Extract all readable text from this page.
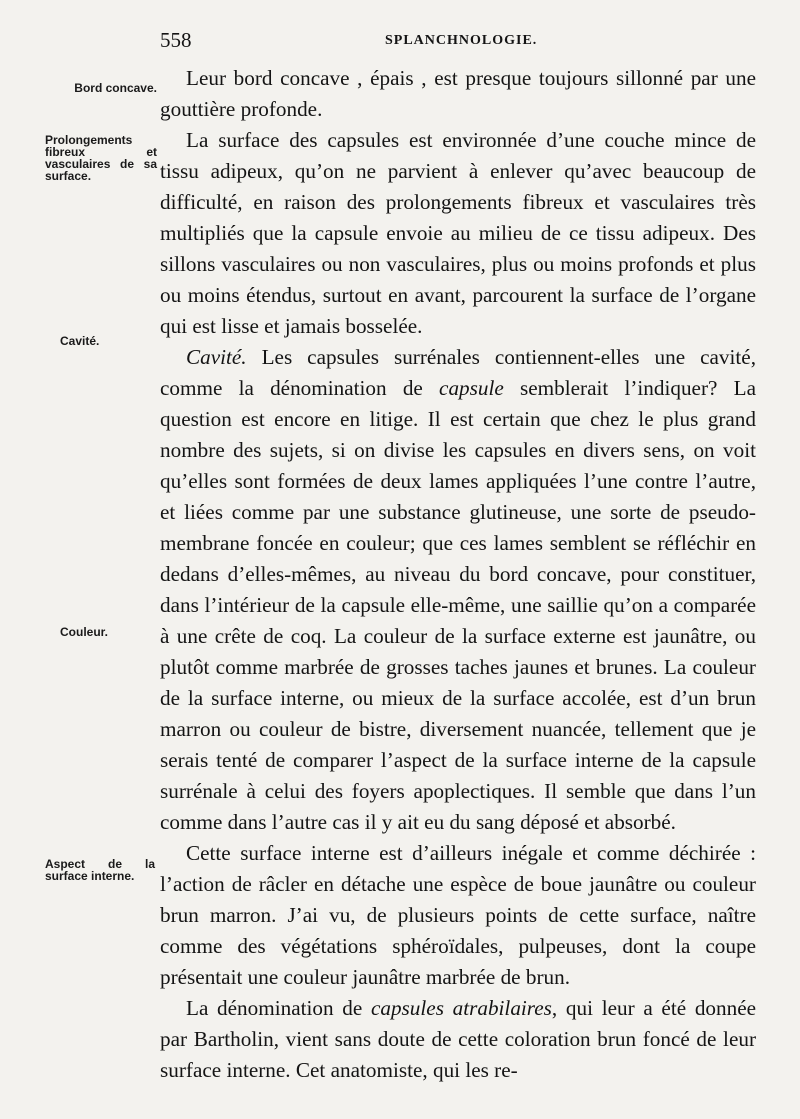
558	SPLANCHNOLOGIE.
Bord concave.
Prolongements fibreux et vasculaires de sa surface.
Cavité.
Couleur.
Aspect de la surface interne.

Leur bord concave , épais , est presque toujours sillonné par une gouttière profonde.

La surface des capsules est environnée d’une couche mince de tissu adipeux, qu’on ne parvient à enlever qu’avec beaucoup de difficulté, en raison des prolongements fibreux et vasculaires très multipliés que la capsule envoie au milieu de ce tissu adipeux. Des sillons vasculaires ou non vasculaires, plus ou moins profonds et plus ou moins étendus, surtout en avant, parcourent la surface de l’organe qui est lisse et jamais bosselée.

Cavité. Les capsules surrénales contiennent-elles une cavité, comme la dénomination de capsule semblerait l’indiquer? La question est encore en litige. Il est certain que chez le plus grand nombre des sujets, si on divise les capsules en divers sens, on voit qu’elles sont formées de deux lames appliquées l’une contre l’autre, et liées comme par une substance glutineuse, une sorte de pseudo-membrane foncée en couleur; que ces lames semblent se réfléchir en dedans d’elles-mêmes, au niveau du bord concave, pour constituer, dans l’intérieur de la capsule elle-même, une saillie qu’on a comparée à une crête de coq. La couleur de la surface externe est jaunâtre, ou plutôt comme marbrée de grosses taches jaunes et brunes. La couleur de la surface interne, ou mieux de la surface accolée, est d’un brun marron ou couleur de bistre, diversement nuancée, tellement que je serais tenté de comparer l’aspect de la surface interne de la capsule surrénale à celui des foyers apoplectiques. Il semble que dans l’un comme dans l’autre cas il y ait eu du sang déposé et absorbé.

Cette surface interne est d’ailleurs inégale et comme déchirée : l’action de râcler en détache une espèce de boue jaunâtre ou couleur brun marron. J’ai vu, de plusieurs points de cette surface, naître comme des végétations sphéroïdales, pulpeuses, dont la coupe présentait une couleur jaunâtre marbrée de brun.

La dénomination de capsules atrabilaires, qui leur a été donnée par Bartholin, vient sans doute de cette coloration brun foncé de leur surface interne. Cet anatomiste, qui les re-
